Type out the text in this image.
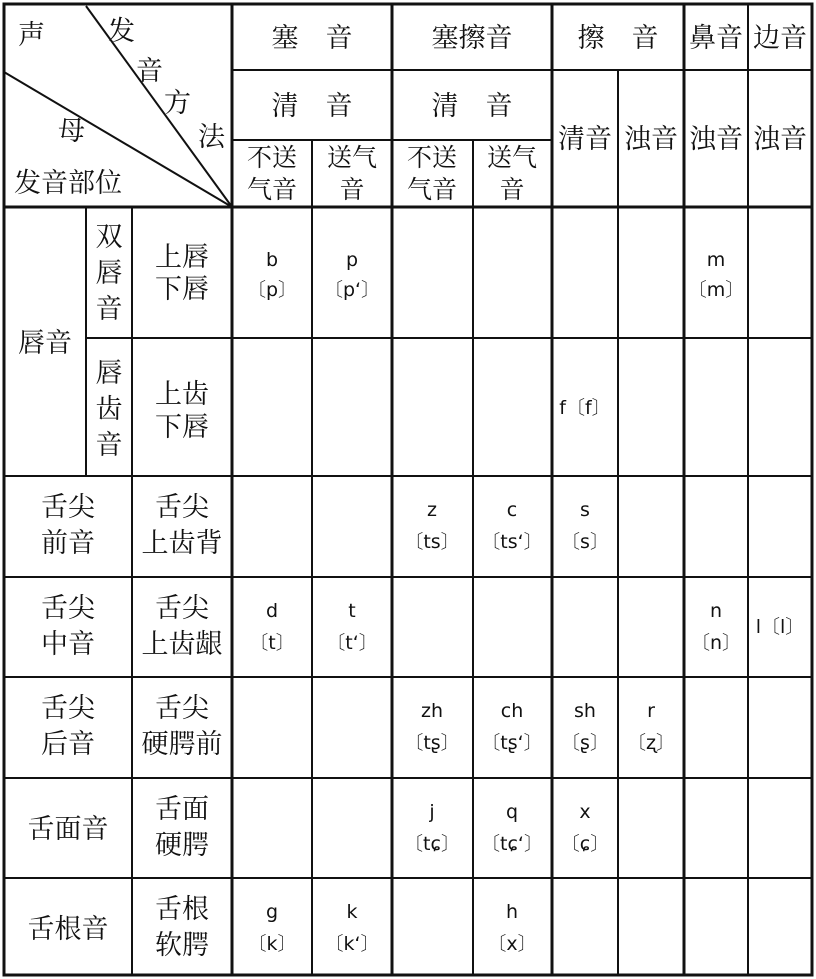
声
母
发
音
方
法
发音部位
塞　音	塞擦音 擦　音 鼻音 边音
清　音	清　音
清音 浊音 浊音 浊音
不送
气音
送气
音
不送
气音
送气
音
唇音
双
唇
音
上唇
下唇
唇
齿
音
上齿
下唇
舌尖
前音
舌尖
上齿背
舌尖
中音
舌尖
上齿龈
舌尖
后音
舌尖
硬腭前
舌面音
舌面
硬腭
舌根音
舌根
软腭
b
〔p〕
p
〔p‘〕
m
〔m〕
f〔f〕
z
〔ts〕
c
〔ts‘〕
s
〔s〕
d
〔t〕
t
〔t‘〕
n
〔n〕
l〔l〕
zh
〔tʂ〕
ch
〔tʂ‘〕
sh
〔ʂ〕
r
〔ʐ〕
j
〔tɕ〕
q
〔tɕ‘〕
x
〔ɕ〕
g
〔k〕
k
〔k‘〕
h
〔x〕
